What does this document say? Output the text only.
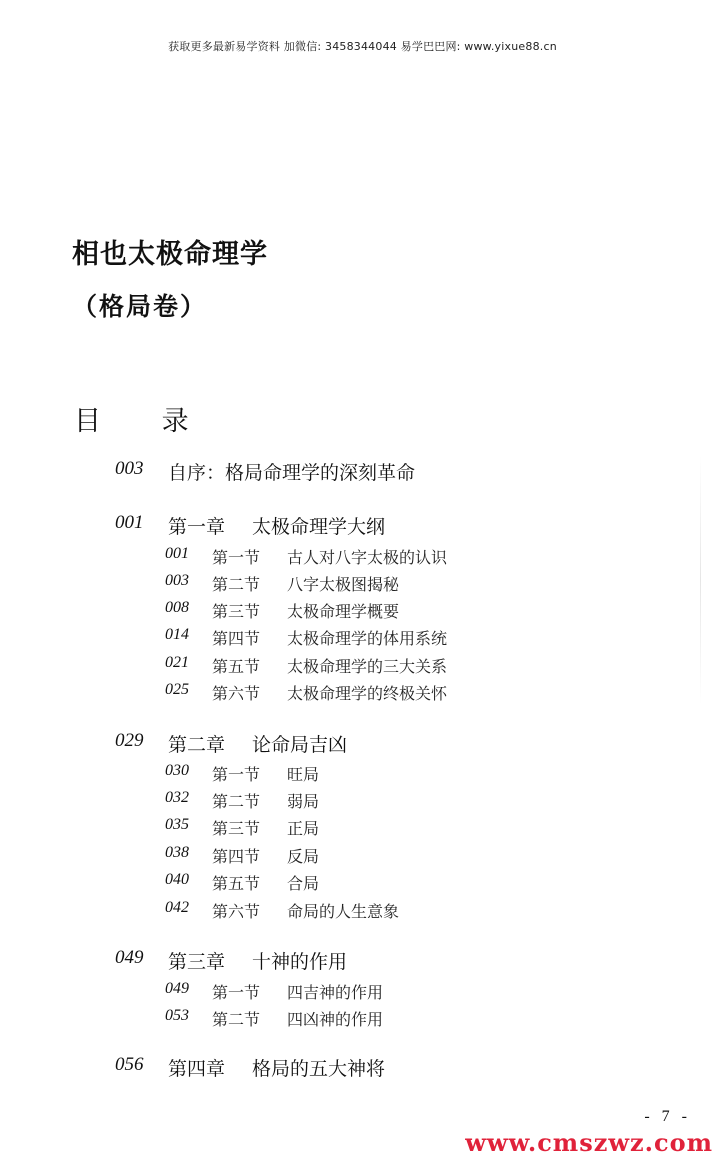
获取更多最新易学资料 加微信: 3458344044 易学巴巴网: www.yixue88.cn
相也太极命理学
（格局卷）
目 录
003 自序：格局命理学的深刻革命
001 第一章 太极命理学大纲
001 第一节 古人对八字太极的认识
003 第二节 八字太极图揭秘
008 第三节 太极命理学概要
014 第四节 太极命理学的体用系统
021 第五节 太极命理学的三大关系
025 第六节 太极命理学的终极关怀
029 第二章 论命局吉凶
030 第一节 旺局
032 第二节 弱局
035 第三节 正局
038 第四节 反局
040 第五节 合局
042 第六节 命局的人生意象
049 第三章 十神的作用
049 第一节 四吉神的作用
053 第二节 四凶神的作用
056 第四章 格局的五大神将
- 7 -
www.cmszwz.com
